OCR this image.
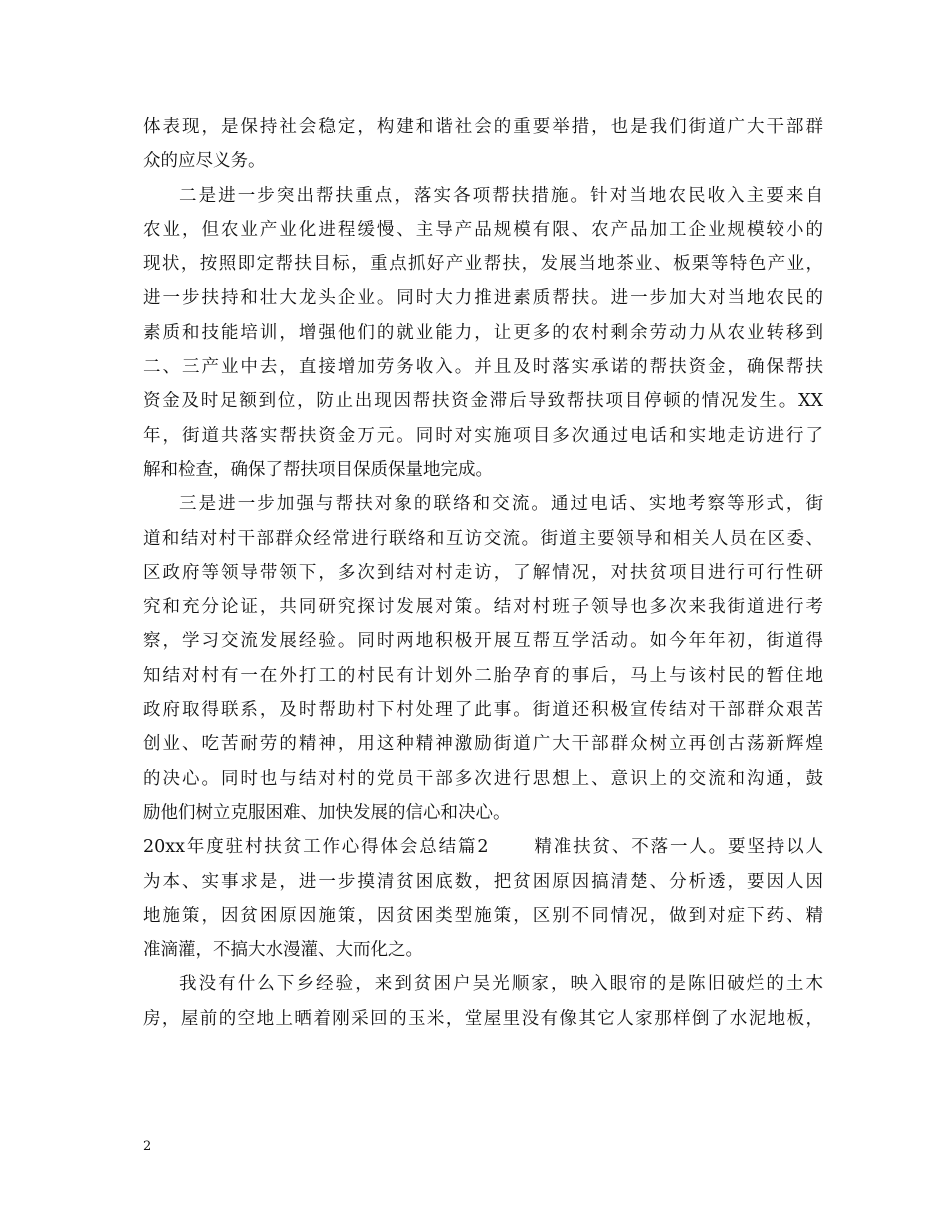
体表现，是保持社会稳定，构建和谐社会的重要举措，也是我们街道广大干部群
众的应尽义务。
二是进一步突出帮扶重点，落实各项帮扶措施。针对当地农民收入主要来自
农业，但农业产业化进程缓慢、主导产品规模有限、农产品加工企业规模较小的
现状，按照即定帮扶目标，重点抓好产业帮扶，发展当地茶业、板栗等特色产业，
进一步扶持和壮大龙头企业。同时大力推进素质帮扶。进一步加大对当地农民的
素质和技能培训，增强他们的就业能力，让更多的农村剩余劳动力从农业转移到
二、三产业中去，直接增加劳务收入。并且及时落实承诺的帮扶资金，确保帮扶
资金及时足额到位，防止出现因帮扶资金滞后导致帮扶项目停顿的情况发生。XX
年，街道共落实帮扶资金万元。同时对实施项目多次通过电话和实地走访进行了
解和检查，确保了帮扶项目保质保量地完成。
三是进一步加强与帮扶对象的联络和交流。通过电话、实地考察等形式，街
道和结对村干部群众经常进行联络和互访交流。街道主要领导和相关人员在区委、
区政府等领导带领下，多次到结对村走访，了解情况，对扶贫项目进行可行性研
究和充分论证，共同研究探讨发展对策。结对村班子领导也多次来我街道进行考
察，学习交流发展经验。同时两地积极开展互帮互学活动。如今年年初，街道得
知结对村有一在外打工的村民有计划外二胎孕育的事后，马上与该村民的暂住地
政府取得联系，及时帮助村下村处理了此事。街道还积极宣传结对干部群众艰苦
创业、吃苦耐劳的精神，用这种精神激励街道广大干部群众树立再创古荡新辉煌
的决心。同时也与结对村的党员干部多次进行思想上、意识上的交流和沟通，鼓
励他们树立克服困难、加快发展的信心和决心。
20xx年度驻村扶贫工作心得体会总结篇2	精准扶贫、不落一人。要坚持以人
为本、实事求是，进一步摸清贫困底数，把贫困原因搞清楚、分析透，要因人因
地施策，因贫困原因施策，因贫困类型施策，区别不同情况，做到对症下药、精
准滴灌，不搞大水漫灌、大而化之。
我没有什么下乡经验，来到贫困户吴光顺家，映入眼帘的是陈旧破烂的土木
房，屋前的空地上晒着刚采回的玉米，堂屋里没有像其它人家那样倒了水泥地板，
2
